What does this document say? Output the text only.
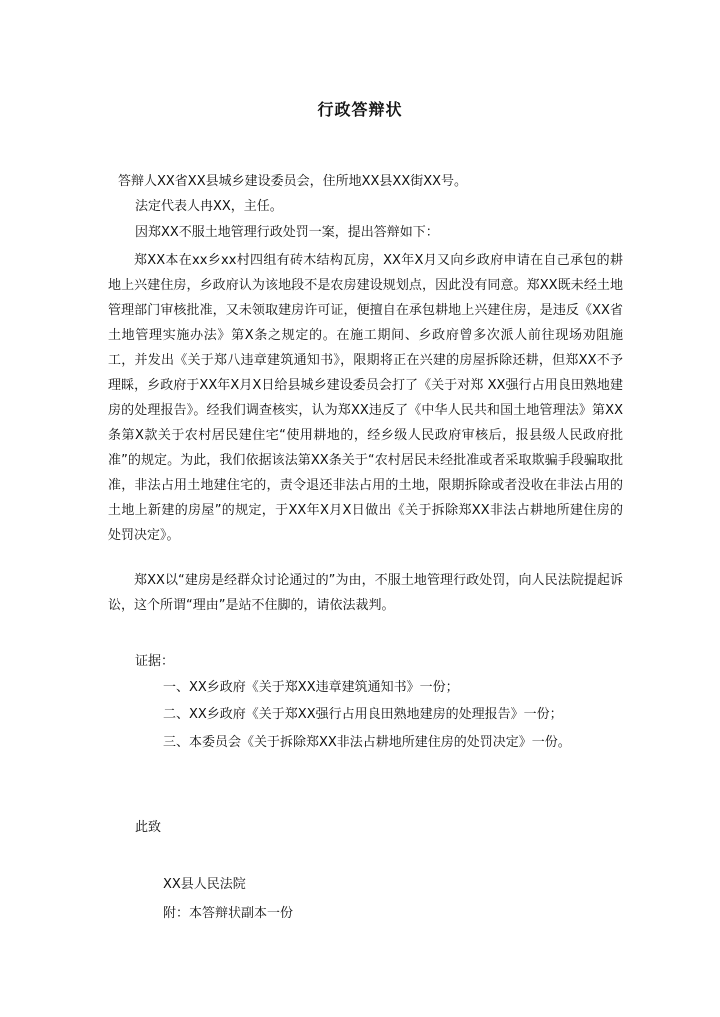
行政答辩状
答辩人XX省XX县城乡建设委员会，住所地XX县XX街XX号。
法定代表人冉XX，主任。
因郑XX不服土地管理行政处罚一案，提出答辩如下：
郑XX本在xx乡xx村四组有砖木结构瓦房，XX年X月又向乡政府申请在自己承包的耕地上兴建住房，乡政府认为该地段不是农房建设规划点，因此没有同意。郑XX既未经土地管理部门审核批准，又未领取建房许可证，便擅自在承包耕地上兴建住房，是违反《XX省土地管理实施办法》第X条之规定的。在施工期间、乡政府曾多次派人前往现场劝阻施工，并发出《关于郑八违章建筑通知书》，限期将正在兴建的房屋拆除还耕，但郑XX不予理睬，乡政府于XX年X月X日给县城乡建设委员会打了《关于对郑 XX强行占用良田熟地建房的处理报告》。经我们调查核实，认为郑XX违反了《中华人民共和国土地管理法》第XX条第X款关于农村居民建住宅“使用耕地的，经乡级人民政府审核后，报县级人民政府批准”的规定。为此，我们依据该法第XX条关于“农村居民未经批准或者采取欺骗手段骗取批准，非法占用土地建住宅的，责令退还非法占用的土地，限期拆除或者没收在非法占用的土地上新建的房屋”的规定，于XX年X月X日做出《关于拆除郑XX非法占耕地所建住房的处罚决定》。
郑XX以“建房是经群众讨论通过的”为由，不服土地管理行政处罚，向人民法院提起诉讼，这个所谓“理由”是站不住脚的，请依法裁判。
证据：
一、XX乡政府《关于郑XX违章建筑通知书》一份；
二、XX乡政府《关于郑XX强行占用良田熟地建房的处理报告》一份；
三、本委员会《关于拆除郑XX非法占耕地所建住房的处罚决定》一份。
此致
XX县人民法院
附：本答辩状副本一份
